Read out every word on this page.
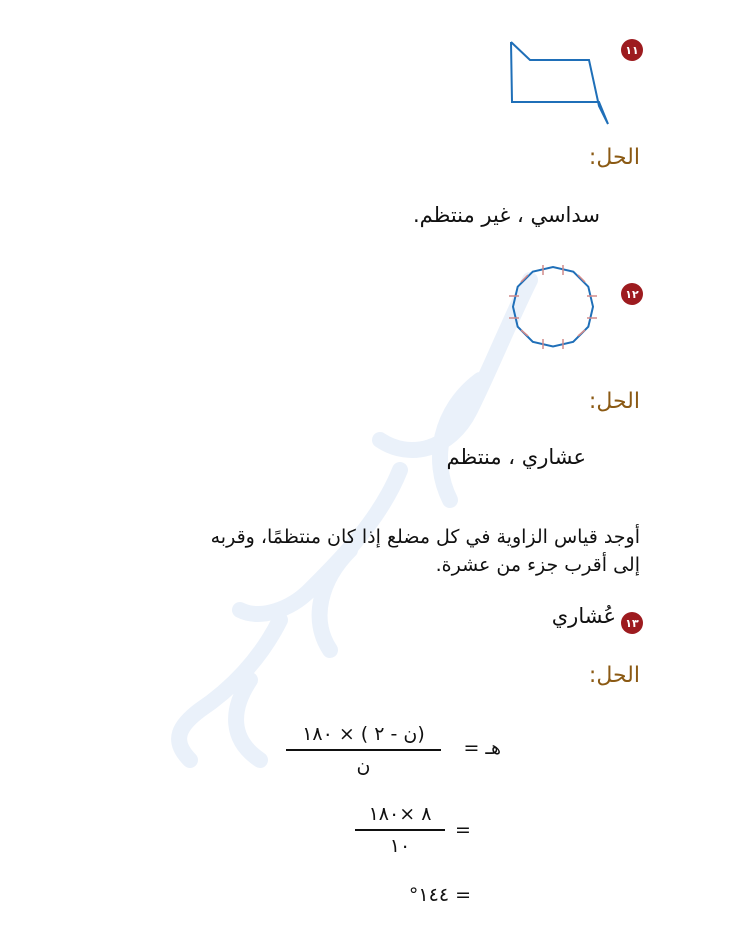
١١
الحل:
سداسي ، غير منتظم.
١٢
الحل:
عشاري ، منتظم
أوجد قياس الزاوية في كل مضلع إذا كان منتظمًا، وقربه
إلى أقرب جزء من عشرة.
١٣
عُشاري
الحل:
هـ =
(ن - ٢ ) × ١٨٠
ن
=
٨ ×١٨٠
١٠
= ١٤٤°
